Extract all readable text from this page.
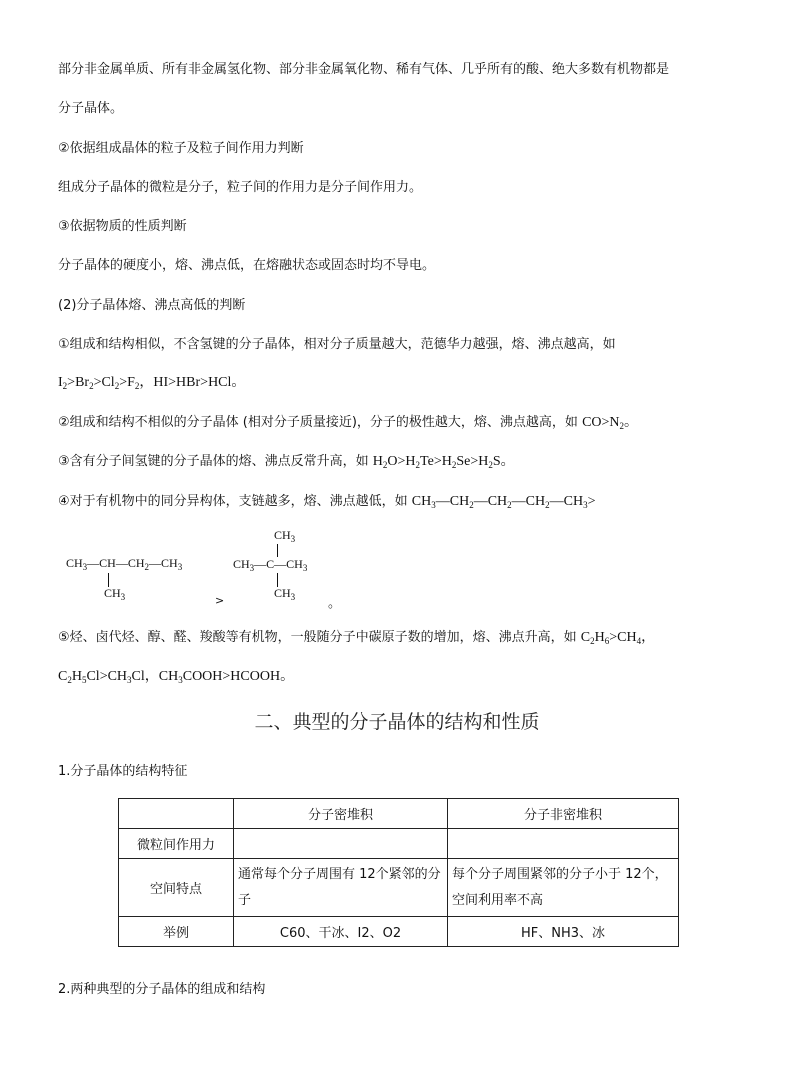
部分非金属单质、所有非金属氢化物、部分非金属氧化物、稀有气体、几乎所有的酸、绝大多数有机物都是
分子晶体。
②依据组成晶体的粒子及粒子间作用力判断
组成分子晶体的微粒是分子，粒子间的作用力是分子间作用力。
③依据物质的性质判断
分子晶体的硬度小，熔、沸点低，在熔融状态或固态时均不导电。
(2)分子晶体熔、沸点高低的判断
①组成和结构相似，不含氢键的分子晶体，相对分子质量越大，范德华力越强，熔、沸点越高，如
$I_2>Br_2>Cl_2>F_2$，HI>HBr>HCl。
②组成和结构不相似的分子晶体 (相对分子质量接近)，分子的极性越大，熔、沸点越高，如 $CO>N_2$。
③含有分子间氢键的分子晶体的熔、沸点反常升高，如 $H_2O>H_2Te>H_2Se>H_2S$。
④对于有机物中的同分异构体，支链越多，熔、沸点越低，如 $CH_3—CH_2—CH_2—CH_2—CH_3>$
$CH_3—CH—CH_2—CH_3$
$CH_3$	>
$CH_3$
$CH_3—C—CH_3$
$CH_3$	。
⑤烃、卤代烃、醇、醛、羧酸等有机物，一般随分子中碳原子数的增加，熔、沸点升高，如 $C_2H_6>CH_4$，
$C_2H_5Cl>CH_3Cl$，$CH_3COOH>HCOOH$。
二、典型的分子晶体的结构和性质
1.分子晶体的结构特征
	分子密堆积	分子非密堆积
微粒间作用力		
空间特点	通常每个分子周围有 12个紧邻的分子	每个分子周围紧邻的分子小于 12个，空间利用率不高
举例	C60、干冰、I2、O2	HF、NH3、冰
2.两种典型的分子晶体的组成和结构
